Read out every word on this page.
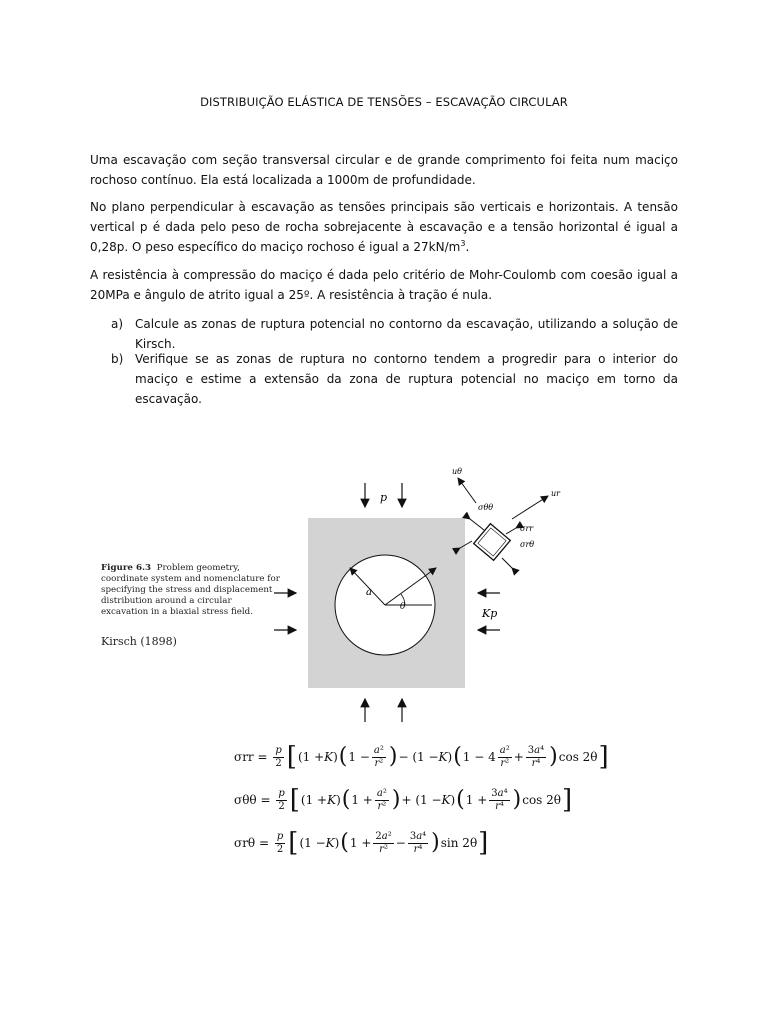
DISTRIBUIÇÃO ELÁSTICA DE TENSÕES – ESCAVAÇÃO CIRCULAR

Uma escavação com seção transversal circular e de grande comprimento foi feita num maciço rochoso contínuo. Ela está localizada a 1000m de profundidade.

No plano perpendicular à escavação as tensões principais são verticais e horizontais. A tensão vertical p é dada pelo peso de rocha sobrejacente à escavação e a tensão horizontal é igual a 0,28p. O peso específico do maciço rochoso é igual a $27kN/m^3$.

A resistência à compressão do maciço é dada pelo critério de Mohr-Coulomb com coesão igual a 20MPa e ângulo de atrito igual a 25º. A resistência à tração é nula.

a) Calcule as zonas de ruptura potencial no contorno da escavação, utilizando a solução de Kirsch.
b) Verifique se as zonas de ruptura no contorno tendem a progredir para o interior do maciço e estime a extensão da zona de ruptura potencial no maciço em torno da escavação.
p
Kp
a
θ
uθ
ur
σθθ
σrr
σrθ
Figure 6.3 Problem geometry, coordinate system and nomenclature for specifying the stress and displacement distribution around a circular excavation in a biaxial stress field.
Kirsch (1898)
σrr
=
$\frac{p}{2}$ [ (1 + K ) ( $1 - \frac{\text{a²}}{\text{r²}}$ ) − (1 − K ) ( $1 - 4 \frac{\text{a²}}{\text{r²}} + \frac{\text{3a⁴}}{\text{r⁴}}$ ) cos 2θ ]
σθθ
=
$\frac{p}{2}$ [ (1 + K ) ( $1 + \frac{\text{a²}}{\text{r²}}$ ) + (1 − K ) ( $1 + \frac{\text{3a⁴}}{\text{r⁴}}$ ) cos 2θ ]
σrθ
=
$\frac{p}{2}$ [ (1 − K ) ( $1 + \frac{\text{2a²}}{\text{r²}} - \frac{\text{3a⁴}}{\text{r⁴}}$ ) sin 2θ ]
